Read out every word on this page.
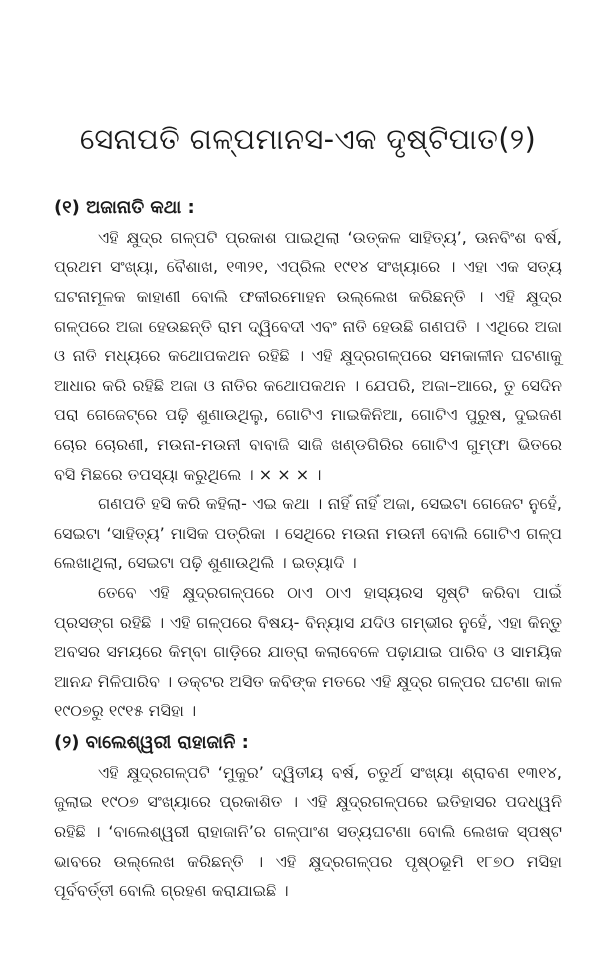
ସେନାପତି ଗଳ୍ପମାନସ-ଏକ ଦୃଷ୍ଟିପାତ(୨)
(୧) ଅଜାନାତି କଥା :

ଏହି କ୍ଷୁଦ୍ର ଗଳ୍ପଟି ପ୍ରକାଶ ପାଇଥିଲା ‘ଉତ୍କଳ ସାହିତ୍ୟ’, ଊନବିଂଶ ବର୍ଷ, ପ୍ରଥମ ସଂଖ୍ୟା, ବୈଶାଖ, ୧୩୨୧, ଏପ୍ରିଲ ୧୯୧୪ ସଂଖ୍ୟାରେ । ଏହା ଏକ ସତ୍ୟ ଘଟନାମୂଳକ କାହାଣୀ ବୋଲି ଫକୀରମୋହନ ଉଲ୍ଲେଖ କରିଛନ୍ତି । ଏହି କ୍ଷୁଦ୍ର ଗଳ୍ପରେ ଅଜା ହେଉଛନ୍ତି ରାମ ଦ୍ୱିବେଦୀ ଏବଂ ନାତି ହେଉଛି ଗଣପତି । ଏଥିରେ ଅଜା ଓ ନାତି ମଧ୍ୟରେ କଥୋପକଥନ ରହିଛି । ଏହି କ୍ଷୁଦ୍ରଗଳ୍ପରେ ସମକାଳୀନ ଘଟଣାକୁ ଆଧାର କରି ରହିଛି ଅଜା ଓ ନାତିର କଥୋପକଥନ । ଯେପରି, ଅଜା–ଆରେ, ତୁ ସେଦିନ ପରା ଗେଜେଟ୍‌ରେ ପଢ଼ି ଶୁଣାଉଥିଲୁ, ଗୋଟିଏ ମାଇକିନିଆ, ଗୋଟିଏ ପୁରୁଷ, ଦୁଇଜଣ ଚୋର ଚୋରଣୀ, ମଉନା-ମଉନୀ ବାବାଜି ସାଜି ଖଣ୍ଡଗିରିର ଗୋଟିଏ ଗୁମ୍ଫା ଭିତରେ ବସି ମିଛରେ ତପସ୍ୟା କରୁଥିଲେ । × × × ।

ଗଣପତି ହସି କରି କହିଲା- ଏଇ କଥା । ନାହିଁ ନାହିଁ ଅଜା, ସେଇଟା ଗେଜେଟ ନୁହେଁ, ସେଇଟା ‘ସାହିତ୍ୟ’ ମାସିକ ପତ୍ରିକା । ସେଥିରେ ମଉନା ମଉନୀ ବୋଲି ଗୋଟିଏ ଗଳ୍ପ ଲେଖାଥିଲା, ସେଇଟା ପଢ଼ି ଶୁଣାଉଥିଲି । ଇତ୍ୟାଦି ।

ତେବେ ଏହି କ୍ଷୁଦ୍ରଗଳ୍ପରେ ଠାଏ ଠାଏ ହାସ୍ୟରସ ସୃଷ୍ଟି କରିବା ପାଇଁ ପ୍ରସଙ୍ଗ ରହିଛି । ଏହି ଗଳ୍ପରେ ବିଷୟ- ବିନ୍ୟାସ ଯଦିଓ ଗମ୍ଭୀର ନୁହେଁ, ଏହା କିନ୍ତୁ ଅବସର ସମୟରେ କିମ୍ବା ଗାଡ଼ିରେ ଯାତ୍ରା କଲାବେଳେ ପଢ଼ାଯାଇ ପାରିବ ଓ ସାମୟିକ ଆନନ୍ଦ ମିଳିପାରିବ । ଡକ୍ଟର ଅସିତ କବିଙ୍କ ମତରେ ଏହି କ୍ଷୁଦ୍ର ଗଳ୍ପର ଘଟଣା କାଳ ୧୯୦୭ରୁ ୧୯୧୫ ମସିହା ।

(୨) ବାଲେଶ୍ୱରୀ ରାହାଜାନି :

ଏହି କ୍ଷୁଦ୍ରଗଳ୍ପଟି ‘ମୁକୁର’ ଦ୍ୱିତୀୟ ବର୍ଷ, ଚତୁର୍ଥ ସଂଖ୍ୟା ଶ୍ରାବଣ ୧୩୧୪, ଜୁଲାଇ ୧୯୦୭ ସଂଖ୍ୟାରେ ପ୍ରକାଶିତ । ଏହି କ୍ଷୁଦ୍ରଗଳ୍ପରେ ଇତିହାସର ପଦଧ୍ୱନି ରହିଛି । ‘ବାଲେଶ୍ୱରୀ ରାହାଜାନି’ର ଗଳ୍ପାଂଶ ସତ୍ୟଘଟଣା ବୋଲି ଲେଖକ ସ୍ପଷ୍ଟ ଭାବରେ ଉଲ୍ଲେଖ କରିଛନ୍ତି । ଏହି କ୍ଷୁଦ୍ରଗଳ୍ପର ପୃଷ୍ଠଭୂମି ୧୮୭୦ ମସିହା ପୂର୍ବବର୍ତ୍ତୀ ବୋଲି ଗ୍ରହଣ କରାଯାଇଛି ।
